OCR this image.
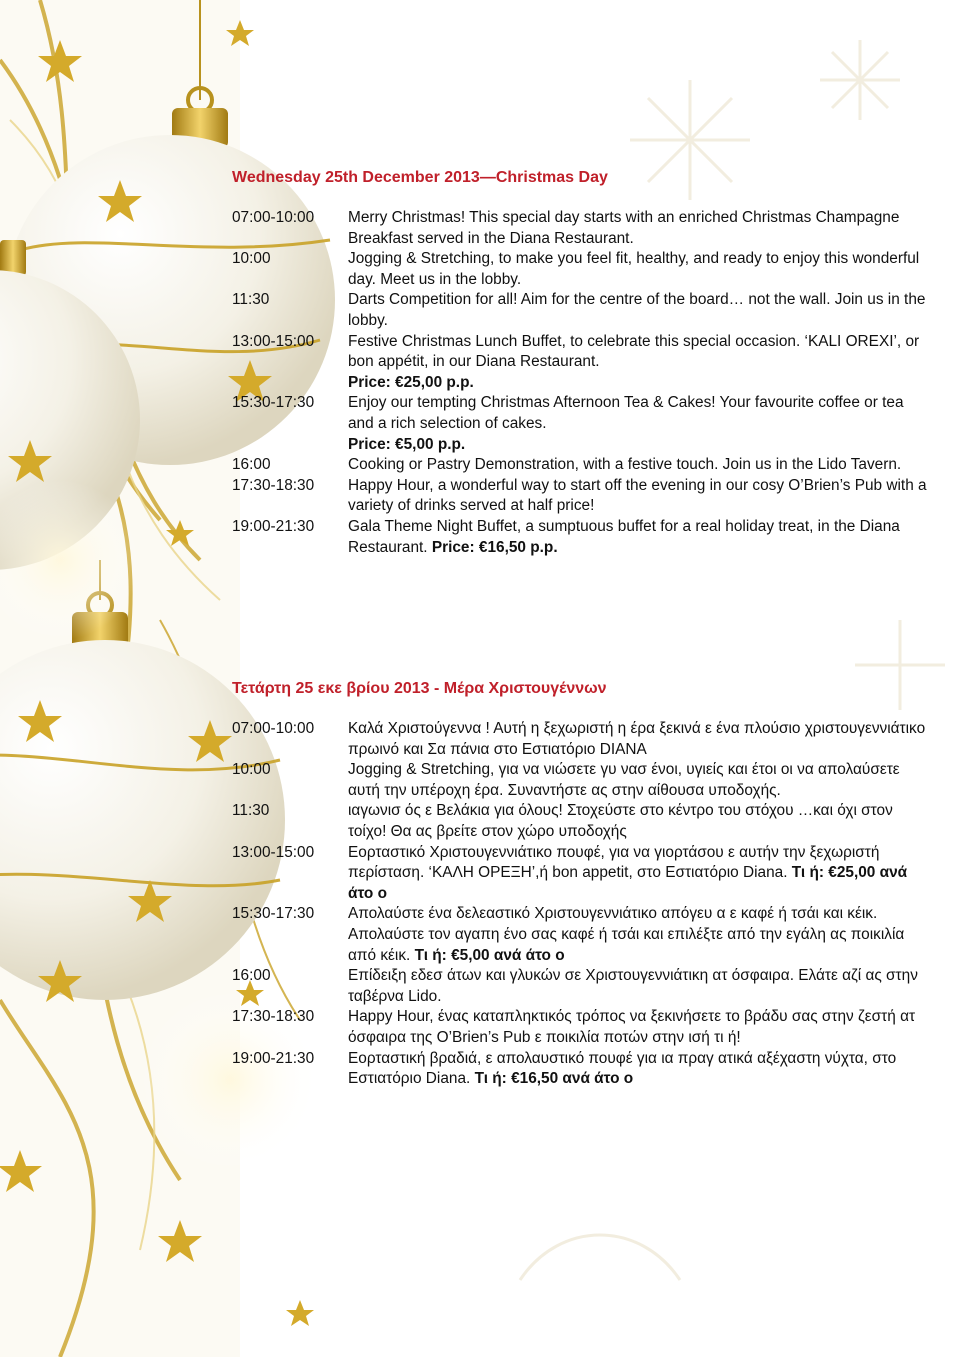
Wednesday 25th December 2013—Christmas Day
07:00-10:00	Merry Christmas! This special day starts with an enriched Christmas Champagne Breakfast served in the Diana Restaurant.
10:00	Jogging & Stretching, to make you feel fit, healthy, and ready to enjoy this wonderful day. Meet us in the lobby.
11:30	Darts Competition for all! Aim for the centre of the board… not the wall. Join us in the lobby.
13:00-15:00	Festive Christmas Lunch Buffet, to celebrate this special occasion. ‘KALI OREXI’, or bon appétit, in our Diana Restaurant.

Price: €25,00 p.p.

15:30-17:30	Enjoy our tempting Christmas Afternoon Tea & Cakes! Your favourite coffee or tea and a rich selection of cakes.

Price: €5,00 p.p.

16:00	Cooking or Pastry Demonstration, with a festive touch. Join us in the Lido Tavern.
17:30-18:30	Happy Hour, a wonderful way to start off the evening in our cosy O’Brien’s Pub with a variety of drinks served at half price!
19:00-21:30	Gala Theme Night Buffet, a sumptuous buffet for a real holiday treat, in the Diana Restaurant. Price: €16,50 p.p.
Τετάρτη 25 εκε βρίου 2013 - Μέρα Χριστουγέννων
07:00-10:00	Καλά Χριστούγεννα ! Αυτή η ξεχωριστή η έρα ξεκινά ε ένα πλούσιο χριστουγεννιάτικο πρωινό και Σα πάνια στο Εστιατόριο DIANA
10:00	Jogging & Stretching, για να νιώσετε γυ νασ ένοι, υγιείς και έτοι οι να απολαύσετε αυτή την υπέροχη έρα. Συναντήστε ας στην αίθουσα υποδοχής.
11:30	ιαγωνισ ός ε Βελάκια για όλους! Στοχεύστε στο κέντρο του στόχου …και όχι στον τοίχο! Θα ας βρείτε στον χώρο υποδοχής
13:00-15:00	Εορταστικό Χριστουγεννιάτικο πουφέ, για να γιορτάσου ε αυτήν την ξεχωριστή περίσταση. ‘ΚΑΛΗ ΟΡΕΞΗ’,ή bon appetit, στο Εστιατόριο Diana. Τι ή: €25,00 ανά άτο ο
15:30-17:30	Απολαύστε ένα δελεαστικό Χριστουγεννιάτικο απόγευ α ε καφέ ή τσάι και κέικ. Απολαύστε τον αγαπη ένο σας καφέ ή τσάι και επιλέξτε από την εγάλη ας ποικιλία από κέικ. Τι ή: €5,00 ανά άτο ο
16:00	Επίδειξη εδεσ άτων και γλυκών σε Χριστουγεννιάτικη ατ όσφαιρα. Ελάτε αζί ας στην ταβέρνα Lido.
17:30-18:30	Happy Hour, ένας καταπληκτικός τρόπος να ξεκινήσετε το βράδυ σας στην ζεστή ατ όσφαιρα της O’Brien’s Pub ε ποικιλία ποτών στην ισή τι ή!
19:00-21:30	Εορταστική βραδιά, ε απολαυστικό πουφέ για ια πραγ ατικά αξέχαστη νύχτα, στο Εστιατόριο Diana. Τι ή: €16,50 ανά άτο ο
